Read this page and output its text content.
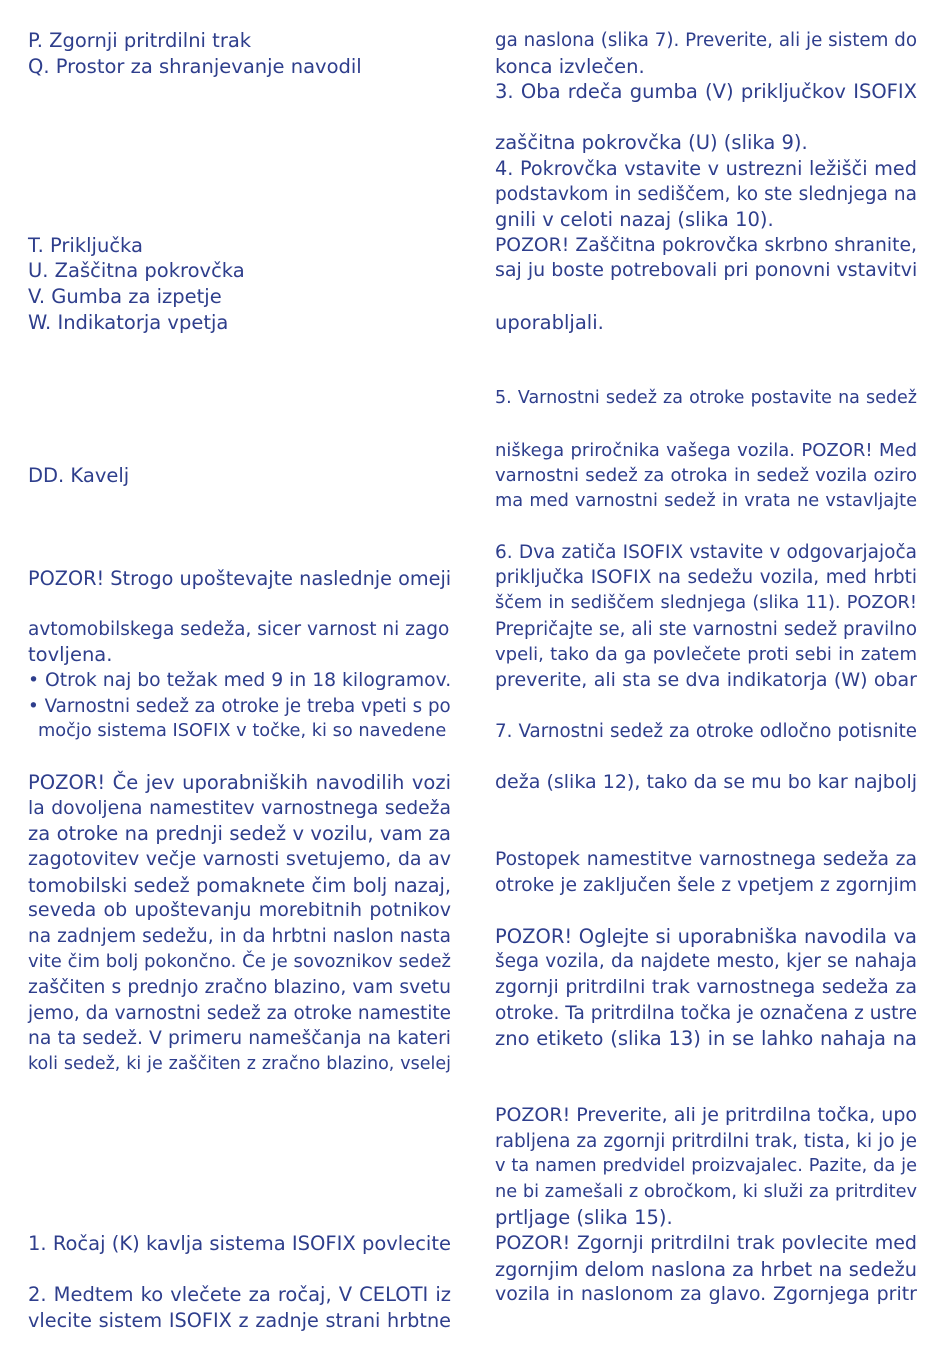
P. Zgornji pritrdilni trak
Q. Prostor za shranjevanje navodil
T. Priključka
U. Zaščitna pokrovčka
V. Gumba za izpetje
W. Indikatorja vpetja
DD. Kavelj
POZOR! Strogo upoštevajte naslednje omeji
avtomobilskega sedeža, sicer varnost ni zago
tovljena.
• Otrok naj bo težak med 9 in 18 kilogramov.
• Varnostni sedež za otroke je treba vpeti s po
močjo sistema ISOFIX v točke, ki so navedene
POZOR! Če jev uporabniških navodilih vozi
la dovoljena namestitev varnostnega sedeža
za otroke na prednji sedež v vozilu, vam za
zagotovitev večje varnosti svetujemo, da av
tomobilski sedež pomaknete čim bolj nazaj,
seveda ob upoštevanju morebitnih potnikov
na zadnjem sedežu, in da hrbtni naslon nasta
vite čim bolj pokončno. Če je sovoznikov sedež
zaščiten s prednjo zračno blazino, vam svetu
jemo, da varnostni sedež za otroke namestite
na ta sedež. V primeru nameščanja na kateri
koli sedež, ki je zaščiten z zračno blazino, vselej
1. Ročaj (K) kavlja sistema ISOFIX povlecite
2. Medtem ko vlečete za ročaj, V CELOTI iz
vlecite sistem ISOFIX z zadnje strani hrbtne
ga naslona (slika 7). Preverite, ali je sistem do
konca izvlečen.
3. Oba rdeča gumba (V) priključkov ISOFIX
zaščitna pokrovčka (U) (slika 9).
4. Pokrovčka vstavite v ustrezni ležišči med
podstavkom in sediščem, ko ste slednjega na
gnili v celoti nazaj (slika 10).
POZOR! Zaščitna pokrovčka skrbno shranite,
saj ju boste potrebovali pri ponovni vstavitvi
uporabljali.
5. Varnostni sedež za otroke postavite na sedež
niškega priročnika vašega vozila. POZOR! Med
varnostni sedež za otroka in sedež vozila oziro
ma med varnostni sedež in vrata ne vstavljajte
6. Dva zatiča ISOFIX vstavite v odgovarjajoča
priključka ISOFIX na sedežu vozila, med hrbti
ščem in sediščem slednjega (slika 11). POZOR!
Prepričajte se, ali ste varnostni sedež pravilno
vpeli, tako da ga povlečete proti sebi in zatem
preverite, ali sta se dva indikatorja (W) obar
7. Varnostni sedež za otroke odločno potisnite
deža (slika 12), tako da se mu bo kar najbolj
Postopek namestitve varnostnega sedeža za
otroke je zaključen šele z vpetjem z zgornjim
POZOR! Oglejte si uporabniška navodila va
šega vozila, da najdete mesto, kjer se nahaja
zgornji pritrdilni trak varnostnega sedeža za
otroke. Ta pritrdilna točka je označena z ustre
zno etiketo (slika 13) in se lahko nahaja na
POZOR! Preverite, ali je pritrdilna točka, upo
rabljena za zgornji pritrdilni trak, tista, ki jo je
v ta namen predvidel proizvajalec. Pazite, da je
ne bi zamešali z obročkom, ki služi za pritrditev
prtljage (slika 15).
POZOR! Zgornji pritrdilni trak povlecite med
zgornjim delom naslona za hrbet na sedežu
vozila in naslonom za glavo. Zgornjega pritr
